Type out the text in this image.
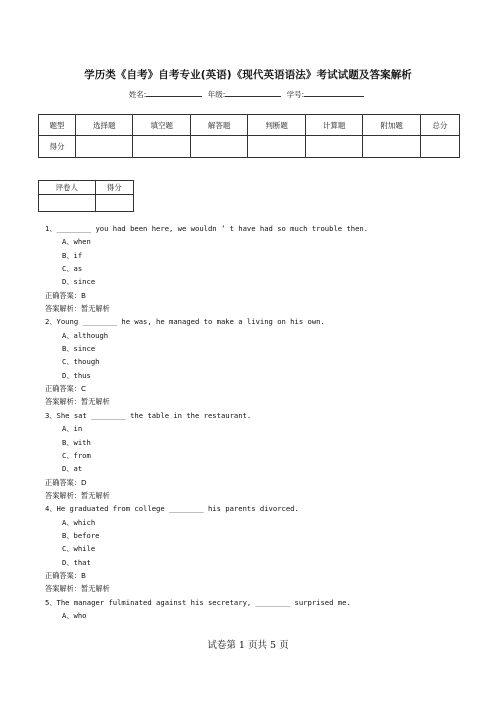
学历类《自考》自考专业(英语)《现代英语语法》考试试题及答案解析
姓名:	年级:	学号:
题型	选择题	填空题	解答题	判断题	计算题	附加题	总分
得分							
评卷人	得分

1、________ you had been here, we wouldn ’ t have had so much trouble then.
A、when
B、if
C、as
D、since
正确答案：B
答案解析：暂无解析
2、Young ________ he was, he managed to make a living on his own.
A、although
B、since
C、though
D、thus
正确答案：C
答案解析：暂无解析
3、She sat ________ the table in the restaurant.
A、in
B、with
C、from
D、at
正确答案：D
答案解析：暂无解析
4、He graduated from college ________ his parents divorced.
A、which
B、before
C、while
D、that
正确答案：B
答案解析：暂无解析
5、The manager fulminated against his secretary, ________ surprised me.
A、who
试卷第 1 页共 5 页
